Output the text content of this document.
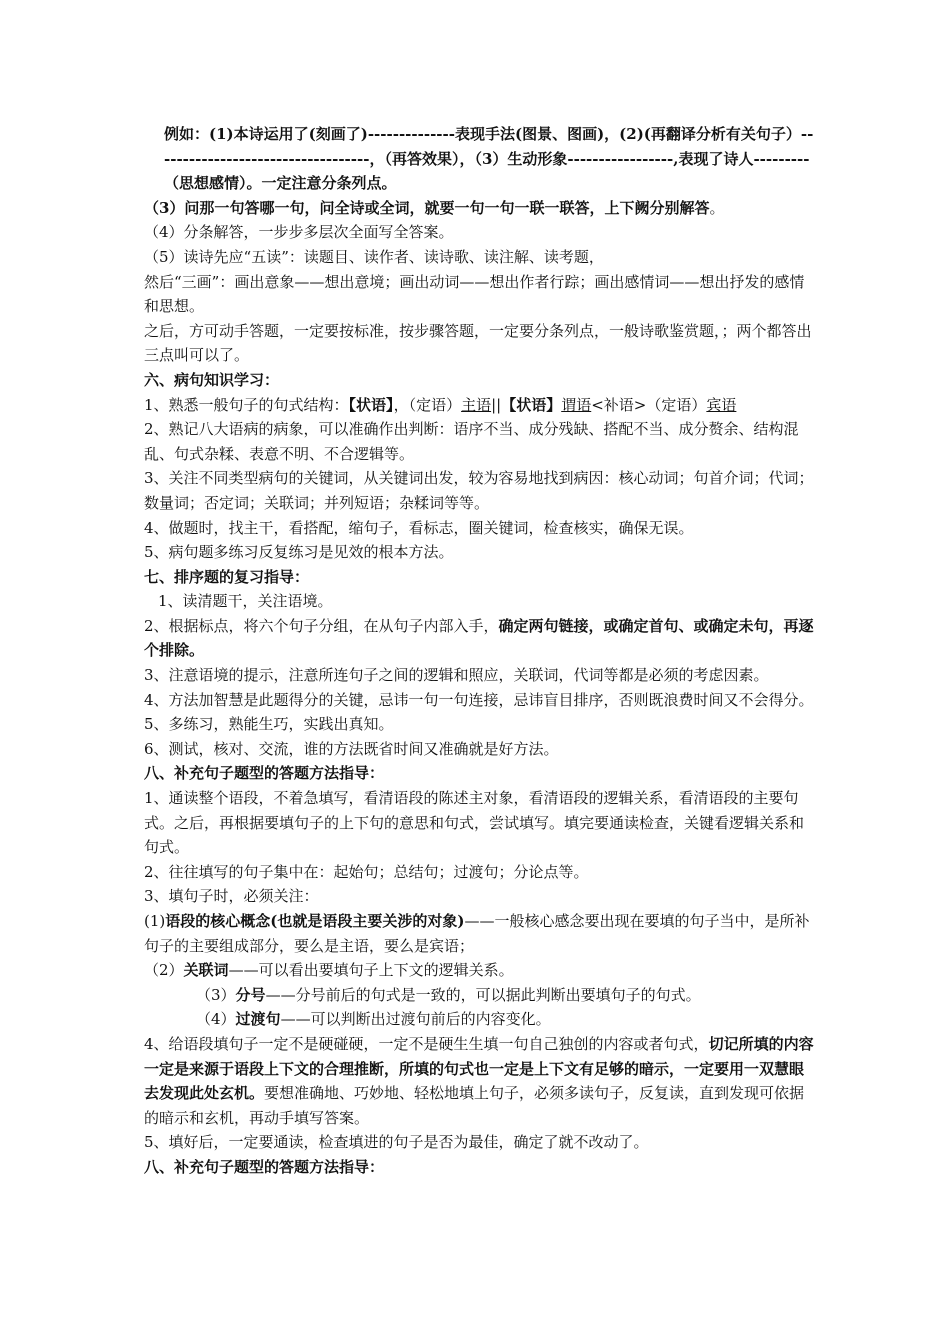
例如：(1)本诗运用了(刻画了)--------------表现手法(图景、图画)，(2)(再翻译分析有关句子）-----------------------------------，（再答效果），（3）生动形象-----------------,表现了诗人---------（思想感情）。一定注意分条列点。

（3）问那一句答哪一句，问全诗或全词，就要一句一句一联一联答，上下阙分别解答。

（4）分条解答，一步步多层次全面写全答案。

（5）读诗先应“五读”：读题目、读作者、读诗歌、读注解、读考题，

然后“三画”：画出意象——想出意境；画出动词——想出作者行踪；画出感情词——想出抒发的感情和思想。

之后，方可动手答题，一定要按标准，按步骤答题，一定要分条列点，一般诗歌鉴赏题，；两个都答出三点叫可以了。

六、病句知识学习：

1、熟悉一般句子的句式结构：【状语】，（定语）主语||【状语】谓语<补语>（定语）宾语

2、熟记八大语病的病象，可以准确作出判断：语序不当、成分残缺、搭配不当、成分赘余、结构混乱、句式杂糅、表意不明、不合逻辑等。

3、关注不同类型病句的关键词，从关键词出发，较为容易地找到病因：核心动词；句首介词；代词；数量词；否定词；关联词；并列短语；杂糅词等等。

4、做题时，找主干，看搭配，缩句子，看标志，圈关键词，检查核实，确保无误。

5、病句题多练习反复练习是见效的根本方法。

七、排序题的复习指导：

1、读清题干，关注语境。

2、根据标点，将六个句子分组，在从句子内部入手，确定两句链接，或确定首句、或确定未句，再逐个排除。

3、注意语境的提示，注意所连句子之间的逻辑和照应，关联词，代词等都是必须的考虑因素。

4、方法加智慧是此题得分的关键，忌讳一句一句连接，忌讳盲目排序，否则既浪费时间又不会得分。

5、多练习，熟能生巧，实践出真知。

6、测试，核对、交流，谁的方法既省时间又准确就是好方法。

八、补充句子题型的答题方法指导：

1、通读整个语段，不着急填写，看清语段的陈述主对象，看清语段的逻辑关系，看清语段的主要句式。之后，再根据要填句子的上下句的意思和句式，尝试填写。填完要通读检查，关键看逻辑关系和句式。

2、往往填写的句子集中在：起始句；总结句；过渡句；分论点等。

3、填句子时，必须关注：

(1)语段的核心概念(也就是语段主要关涉的对象)——一般核心感念要出现在要填的句子当中，是所补句子的主要组成部分，要么是主语，要么是宾语；

（2）关联词——可以看出要填句子上下文的逻辑关系。

（3）分号——分号前后的句式是一致的，可以据此判断出要填句子的句式。

（4）过渡句——可以判断出过渡句前后的内容变化。

4、给语段填句子一定不是硬碰硬，一定不是硬生生填一句自己独创的内容或者句式，切记所填的内容一定是来源于语段上下文的合理推断，所填的句式也一定是上下文有足够的暗示，一定要用一双慧眼去发现此处玄机。要想准确地、巧妙地、轻松地填上句子，必须多读句子，反复读，直到发现可依据的暗示和玄机，再动手填写答案。

5、填好后，一定要通读，检查填进的句子是否为最佳，确定了就不改动了。

八、补充句子题型的答题方法指导：
